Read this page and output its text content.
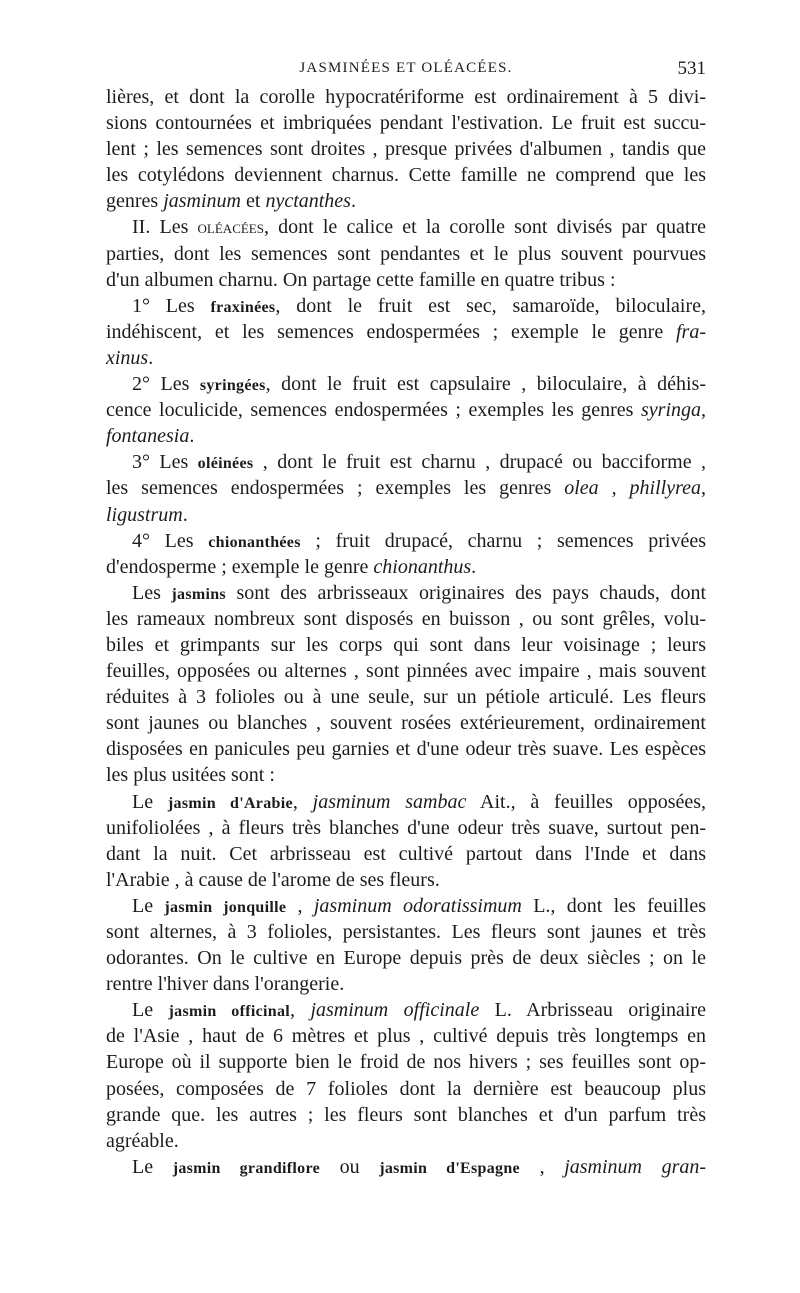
JASMINÉES ET OLÉACÉES.	531
lières, et dont la corolle hypocratériforme est ordinairement à 5 divi-
sions contournées et imbriquées pendant l'estivation. Le fruit est succu-
lent ; les semences sont droites , presque privées d'albumen , tandis que
les cotylédons deviennent charnus. Cette famille ne comprend que les
genres jasminum et nyctanthes.
II. Les oléacées, dont le calice et la corolle sont divisés par quatre
parties, dont les semences sont pendantes et le plus souvent pourvues
d'un albumen charnu. On partage cette famille en quatre tribus :
1° Les fraxinées, dont le fruit est sec, samaroïde, biloculaire,
indéhiscent, et les semences endospermées ; exemple le genre fra-
xinus.
2° Les syringées, dont le fruit est capsulaire , biloculaire, à déhis-
cence loculicide, semences endospermées ; exemples les genres syringa,
fontanesia.
3° Les oléinées , dont le fruit est charnu , drupacé ou bacciforme ,
les semences endospermées ; exemples les genres olea , phillyrea,
ligustrum.
4° Les chionanthées ; fruit drupacé, charnu ; semences privées
d'endosperme ; exemple le genre chionanthus.
Les jasmins sont des arbrisseaux originaires des pays chauds, dont
les rameaux nombreux sont disposés en buisson , ou sont grêles, volu-
biles et grimpants sur les corps qui sont dans leur voisinage ; leurs
feuilles, opposées ou alternes , sont pinnées avec impaire , mais souvent
réduites à 3 folioles ou à une seule, sur un pétiole articulé. Les fleurs
sont jaunes ou blanches , souvent rosées extérieurement, ordinairement
disposées en panicules peu garnies et d'une odeur très suave. Les espèces
les plus usitées sont :
Le jasmin d'Arabie, jasminum sambac Ait., à feuilles opposées,
unifoliolées , à fleurs très blanches d'une odeur très suave, surtout pen-
dant la nuit. Cet arbrisseau est cultivé partout dans l'Inde et dans
l'Arabie , à cause de l'arome de ses fleurs.
Le jasmin jonquille , jasminum odoratissimum L., dont les feuilles
sont alternes, à 3 folioles, persistantes. Les fleurs sont jaunes et très
odorantes. On le cultive en Europe depuis près de deux siècles ; on le
rentre l'hiver dans l'orangerie.
Le jasmin officinal, jasminum officinale L. Arbrisseau originaire
de l'Asie , haut de 6 mètres et plus , cultivé depuis très longtemps en
Europe où il supporte bien le froid de nos hivers ; ses feuilles sont op-
posées, composées de 7 folioles dont la dernière est beaucoup plus
grande que. les autres ; les fleurs sont blanches et d'un parfum très
agréable.
Le jasmin grandiflore ou jasmin d'Espagne , jasminum gran-
